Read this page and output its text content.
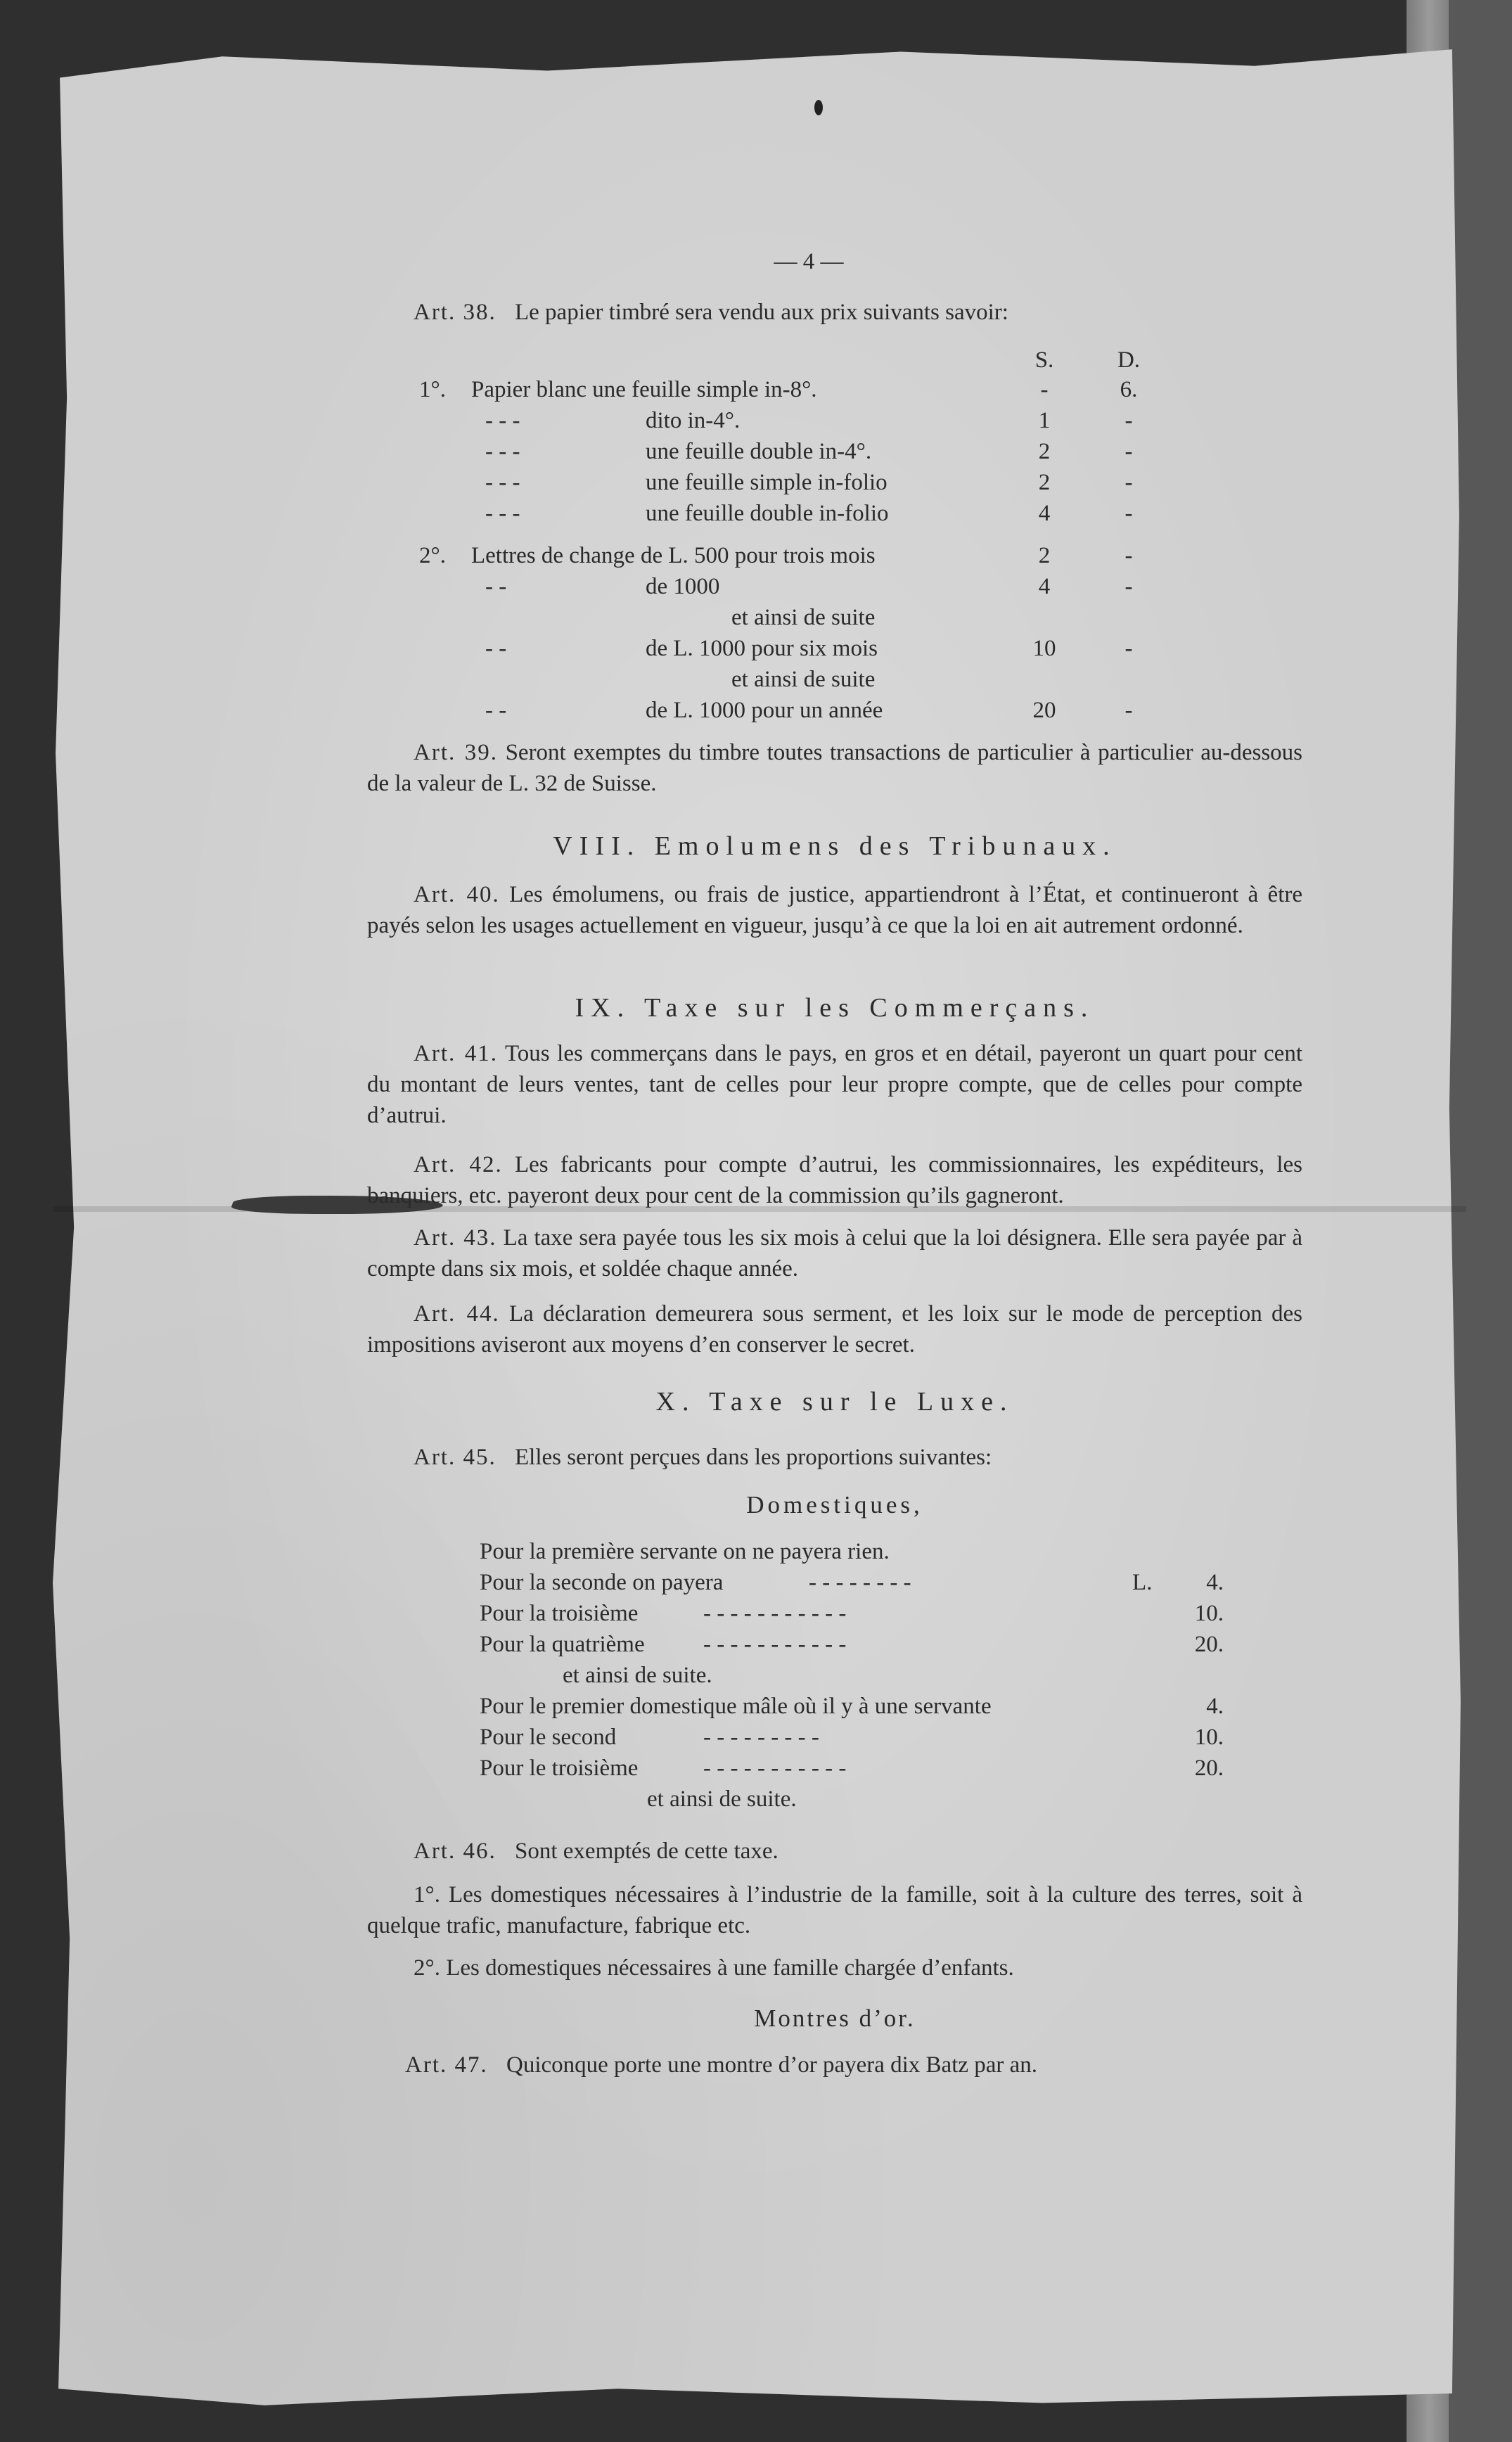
— 4 —
Art. 38. Le papier timbré sera vendu aux prix suivants savoir:
S.	D.
1°.	Papier blanc une feuille simple in-8°.	-	6.
- - -	dito in-4°.	1	-
- - -	une feuille double in-4°.	2	-
- - -	une feuille simple in-folio	2	-
- - -	une feuille double in-folio	4	-
2°.	Lettres de change de L. 500 pour trois mois	2	-
- -	de 1000	4	-
et ainsi de suite
- -	de L. 1000 pour six mois	10	-
et ainsi de suite
- -	de L. 1000 pour un année	20	-
Art. 39. Seront exemptes du timbre toutes transactions de particulier à particulier au-dessous de la valeur de L. 32 de Suisse.
VIII. Emolumens des Tribunaux.
Art. 40. Les émolumens, ou frais de justice, appartiendront à l’État, et continueront à être payés selon les usages actuellement en vigueur, jusqu’à ce que la loi en ait autrement ordonné.
IX. Taxe sur les Commerçans.
Art. 41. Tous les commerçans dans le pays, en gros et en détail, payeront un quart pour cent du montant de leurs ventes, tant de celles pour leur propre compte, que de celles pour compte d’autrui.
Art. 42. Les fabricants pour compte d’autrui, les commissionnaires, les expéditeurs, les banquiers, etc. payeront deux pour cent de la commission qu’ils gagneront.
Art. 43. La taxe sera payée tous les six mois à celui que la loi désignera. Elle sera payée par à compte dans six mois, et soldée chaque année.
Art. 44. La déclaration demeurera sous serment, et les loix sur le mode de perception des impositions aviseront aux moyens d’en conserver le secret.
X. Taxe sur le Luxe.
Art. 45. Elles seront perçues dans les proportions suivantes:
Domestiques,
Pour la première servante on ne payera rien.
Pour la seconde on payera	- - - - - - - -	L.	4.
Pour la troisième	- - - - - - - - - - -	10.
Pour la quatrième	- - - - - - - - - - -	20.
et ainsi de suite.
Pour le premier domestique mâle où il y à une servante	4.
Pour le second	- - - - - - - - -	10.
Pour le troisième	- - - - - - - - - - -	20.
et ainsi de suite.
Art. 46. Sont exemptés de cette taxe.
1°. Les domestiques nécessaires à l’industrie de la famille, soit à la culture des terres, soit à quelque trafic, manufacture, fabrique etc.
2°. Les domestiques nécessaires à une famille chargée d’enfants.
Montres d’or.
Art. 47. Quiconque porte une montre d’or payera dix Batz par an.
